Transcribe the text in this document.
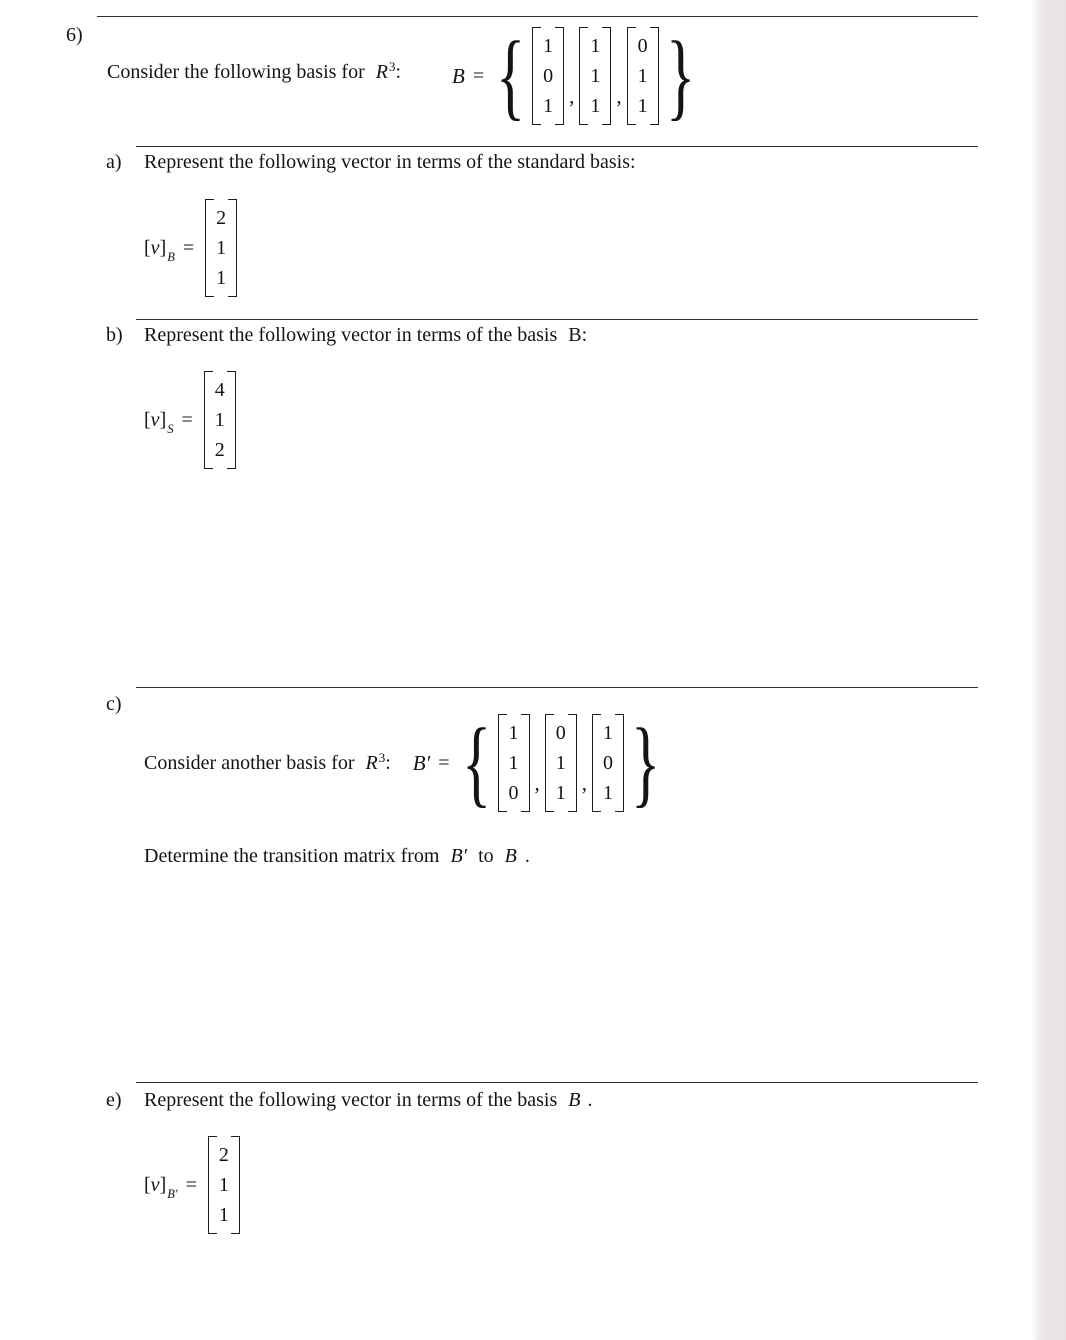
6)
Consider the following basis for $R^3$: B = { 1
0
1 ,
1
1
1 ,
0
1
1 }
a) Represent the following vector in terms of the standard basis:
$[v]_B$ =
2
1
1
b) Represent the following vector in terms of the basis B:
$[v]_S$ =
4
1
2
c)
Consider another basis for $R^3$: B′ = { 1
1
0 ,
0
1
1 ,
1
0
1 }
Determine the transition matrix from B′ to B .
e) Represent the following vector in terms of the basis B .
$[v]_{B'}$ =
2
1
1
